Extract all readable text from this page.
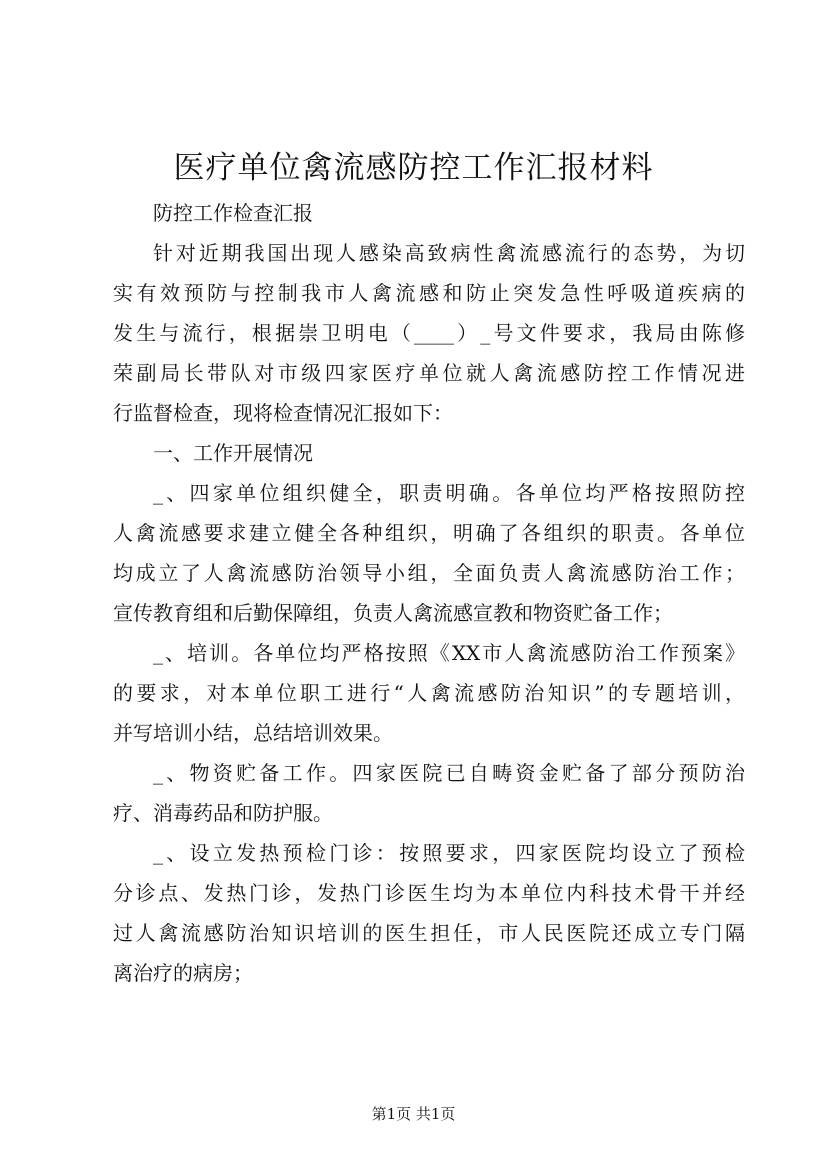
医疗单位禽流感防控工作汇报材料
防控工作检查汇报
针对近期我国出现人感染高致病性禽流感流行的态势，为切
实有效预防与控制我市人禽流感和防止突发急性呼吸道疾病的
发生与流行，根据崇卫明电（____）_号文件要求，我局由陈修
荣副局长带队对市级四家医疗单位就人禽流感防控工作情况进
行监督检查，现将检查情况汇报如下：
一、工作开展情况
_、四家单位组织健全，职责明确。各单位均严格按照防控
人禽流感要求建立健全各种组织，明确了各组织的职责。各单位
均成立了人禽流感防治领导小组，全面负责人禽流感防治工作；
宣传教育组和后勤保障组，负责人禽流感宣教和物资贮备工作；
_、培训。各单位均严格按照《XX市人禽流感防治工作预案》
的要求，对本单位职工进行“人禽流感防治知识”的专题培训，
并写培训小结，总结培训效果。
_、物资贮备工作。四家医院已自畴资金贮备了部分预防治
疗、消毒药品和防护服。
_、设立发热预检门诊：按照要求，四家医院均设立了预检
分诊点、发热门诊，发热门诊医生均为本单位内科技术骨干并经
过人禽流感防治知识培训的医生担任，市人民医院还成立专门隔
离治疗的病房；
第1页 共1页
